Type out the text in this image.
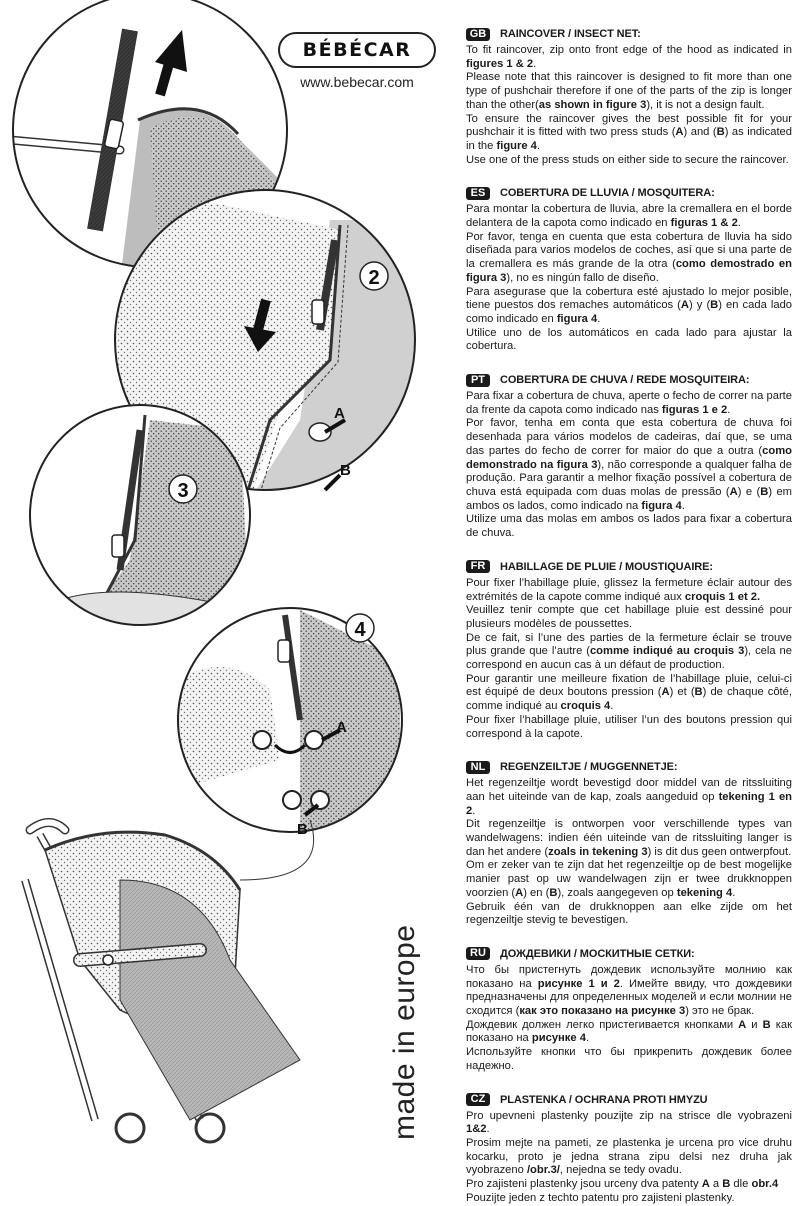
A
B
2
3
A
B
4
BÉBÉCAR
www.bebecar.com
made in europe
GB	RAINCOVER / INSECT NET:

To fit raincover, zip onto front edge of the hood as indicated in figures 1 & 2.

Please note that this raincover is designed to fit more than one type of pushchair therefore if one of the parts of the zip is longer than the other(as shown in figure 3), it is not a design fault.

To ensure the raincover gives the best possible fit for your pushchair it is fitted with two press studs (A) and (B) as indicated in the figure 4.

Use one of the press studs on either side to secure the raincover.

ES	COBERTURA DE LLUVIA / MOSQUITERA:

Para montar la cobertura de lluvia, abre la cremallera en el borde delantera de la capota como indicado en figuras 1 & 2.

Por favor, tenga en cuenta que esta cobertura de lluvia ha sido diseñada para varios modelos de coches, así que si una parte de la cremallera es más grande de la otra (como demostrado en figura 3), no es ningún fallo de diseño.

Para asegurase que la cobertura esté ajustado lo mejor posible, tiene puestos dos remaches automáticos (A) y (B) en cada lado como indicado en figura 4.

Utilice uno de los automáticos en cada lado para ajustar la cobertura.

PT	COBERTURA DE CHUVA / REDE MOSQUITEIRA:

Para fixar a cobertura de chuva, aperte o fecho de correr na parte da frente da capota como indicado nas figuras 1 e 2.

Por favor, tenha em conta que esta cobertura de chuva foi desenhada para vários modelos de cadeiras, daí que, se uma das partes do fecho de correr for maior do que a outra (como demonstrado na figura 3), não corresponde a qualquer falha de produção. Para garantir a melhor fixação possível a cobertura de chuva está equipada com duas molas de pressão (A) e (B) em ambos os lados, como indicado na figura 4.

Utilize uma das molas em ambos os lados para fixar a cobertura de chuva.

FR	HABILLAGE DE PLUIE / MOUSTIQUAIRE:

Pour fixer l’habillage pluie, glissez la fermeture éclair autour des extrémités de la capote comme indiqué aux croquis 1 et 2.

Veuillez tenir compte que cet habillage pluie est dessiné pour plusieurs modèles de poussettes.

De ce fait, si l’une des parties de la fermeture éclair se trouve plus grande que l’autre (comme indiqué au croquis 3), cela ne correspond en aucun cas à un défaut de production.

Pour garantir une meilleure fixation de l’habillage pluie, celui-ci est équipé de deux boutons pression (A) et (B) de chaque côté, comme indiqué au croquis 4.

Pour fixer l’habillage pluie, utiliser l’un des boutons pression qui correspond à la capote.

NL	REGENZEILTJE / MUGGENNETJE:

Het regenzeiltje wordt bevestigd door middel van de ritssluiting aan het uiteinde van de kap, zoals aangeduid op tekening 1 en 2.

Dit regenzeiltje is ontworpen voor verschillende types van wandelwagens: indien één uiteinde van de ritssluiting langer is dan het andere (zoals in tekening 3) is dit dus geen ontwerpfout.

Om er zeker van te zijn dat het regenzeiltje op de best mogelijke manier past op uw wandelwagen zijn er twee drukknoppen voorzien (A) en (B), zoals aangegeven op tekening 4.

Gebruik één van de drukknoppen aan elke zijde om het regenzeiltje stevig te bevestigen.

RU	ДОЖДЕВИКИ / МОСКИТНЫЕ СЕТКИ:

Что бы пристегнуть дождевик используйте молнию как показано на рисунке 1 и 2. Имейте ввиду, что дождевики предназначены для определенных моделей и если молнии не сходится (как это показано на рисунке 3) это не брак.

Дождевик должен легко пристегивается кнопками А и В как показано на рисунке 4.

Используйте кнопки что бы прикрепить дождевик более надежно.

CZ	PLASTENKA / OCHRANA PROTI HMYZU

Pro upevneni plastenky pouzijte zip na strisce dle vyobrazeni 1&2.

Prosim mejte na pameti, ze plastenka je urcena pro vice druhu kocarku, proto je jedna strana zipu delsi nez druha jak vyobrazeno /obr.3/, nejedna se tedy ovadu.

Pro zajisteni plastenky jsou urceny dva patenty A a B dle obr.4

Pouzijte jeden z techto patentu pro zajisteni plastenky.
